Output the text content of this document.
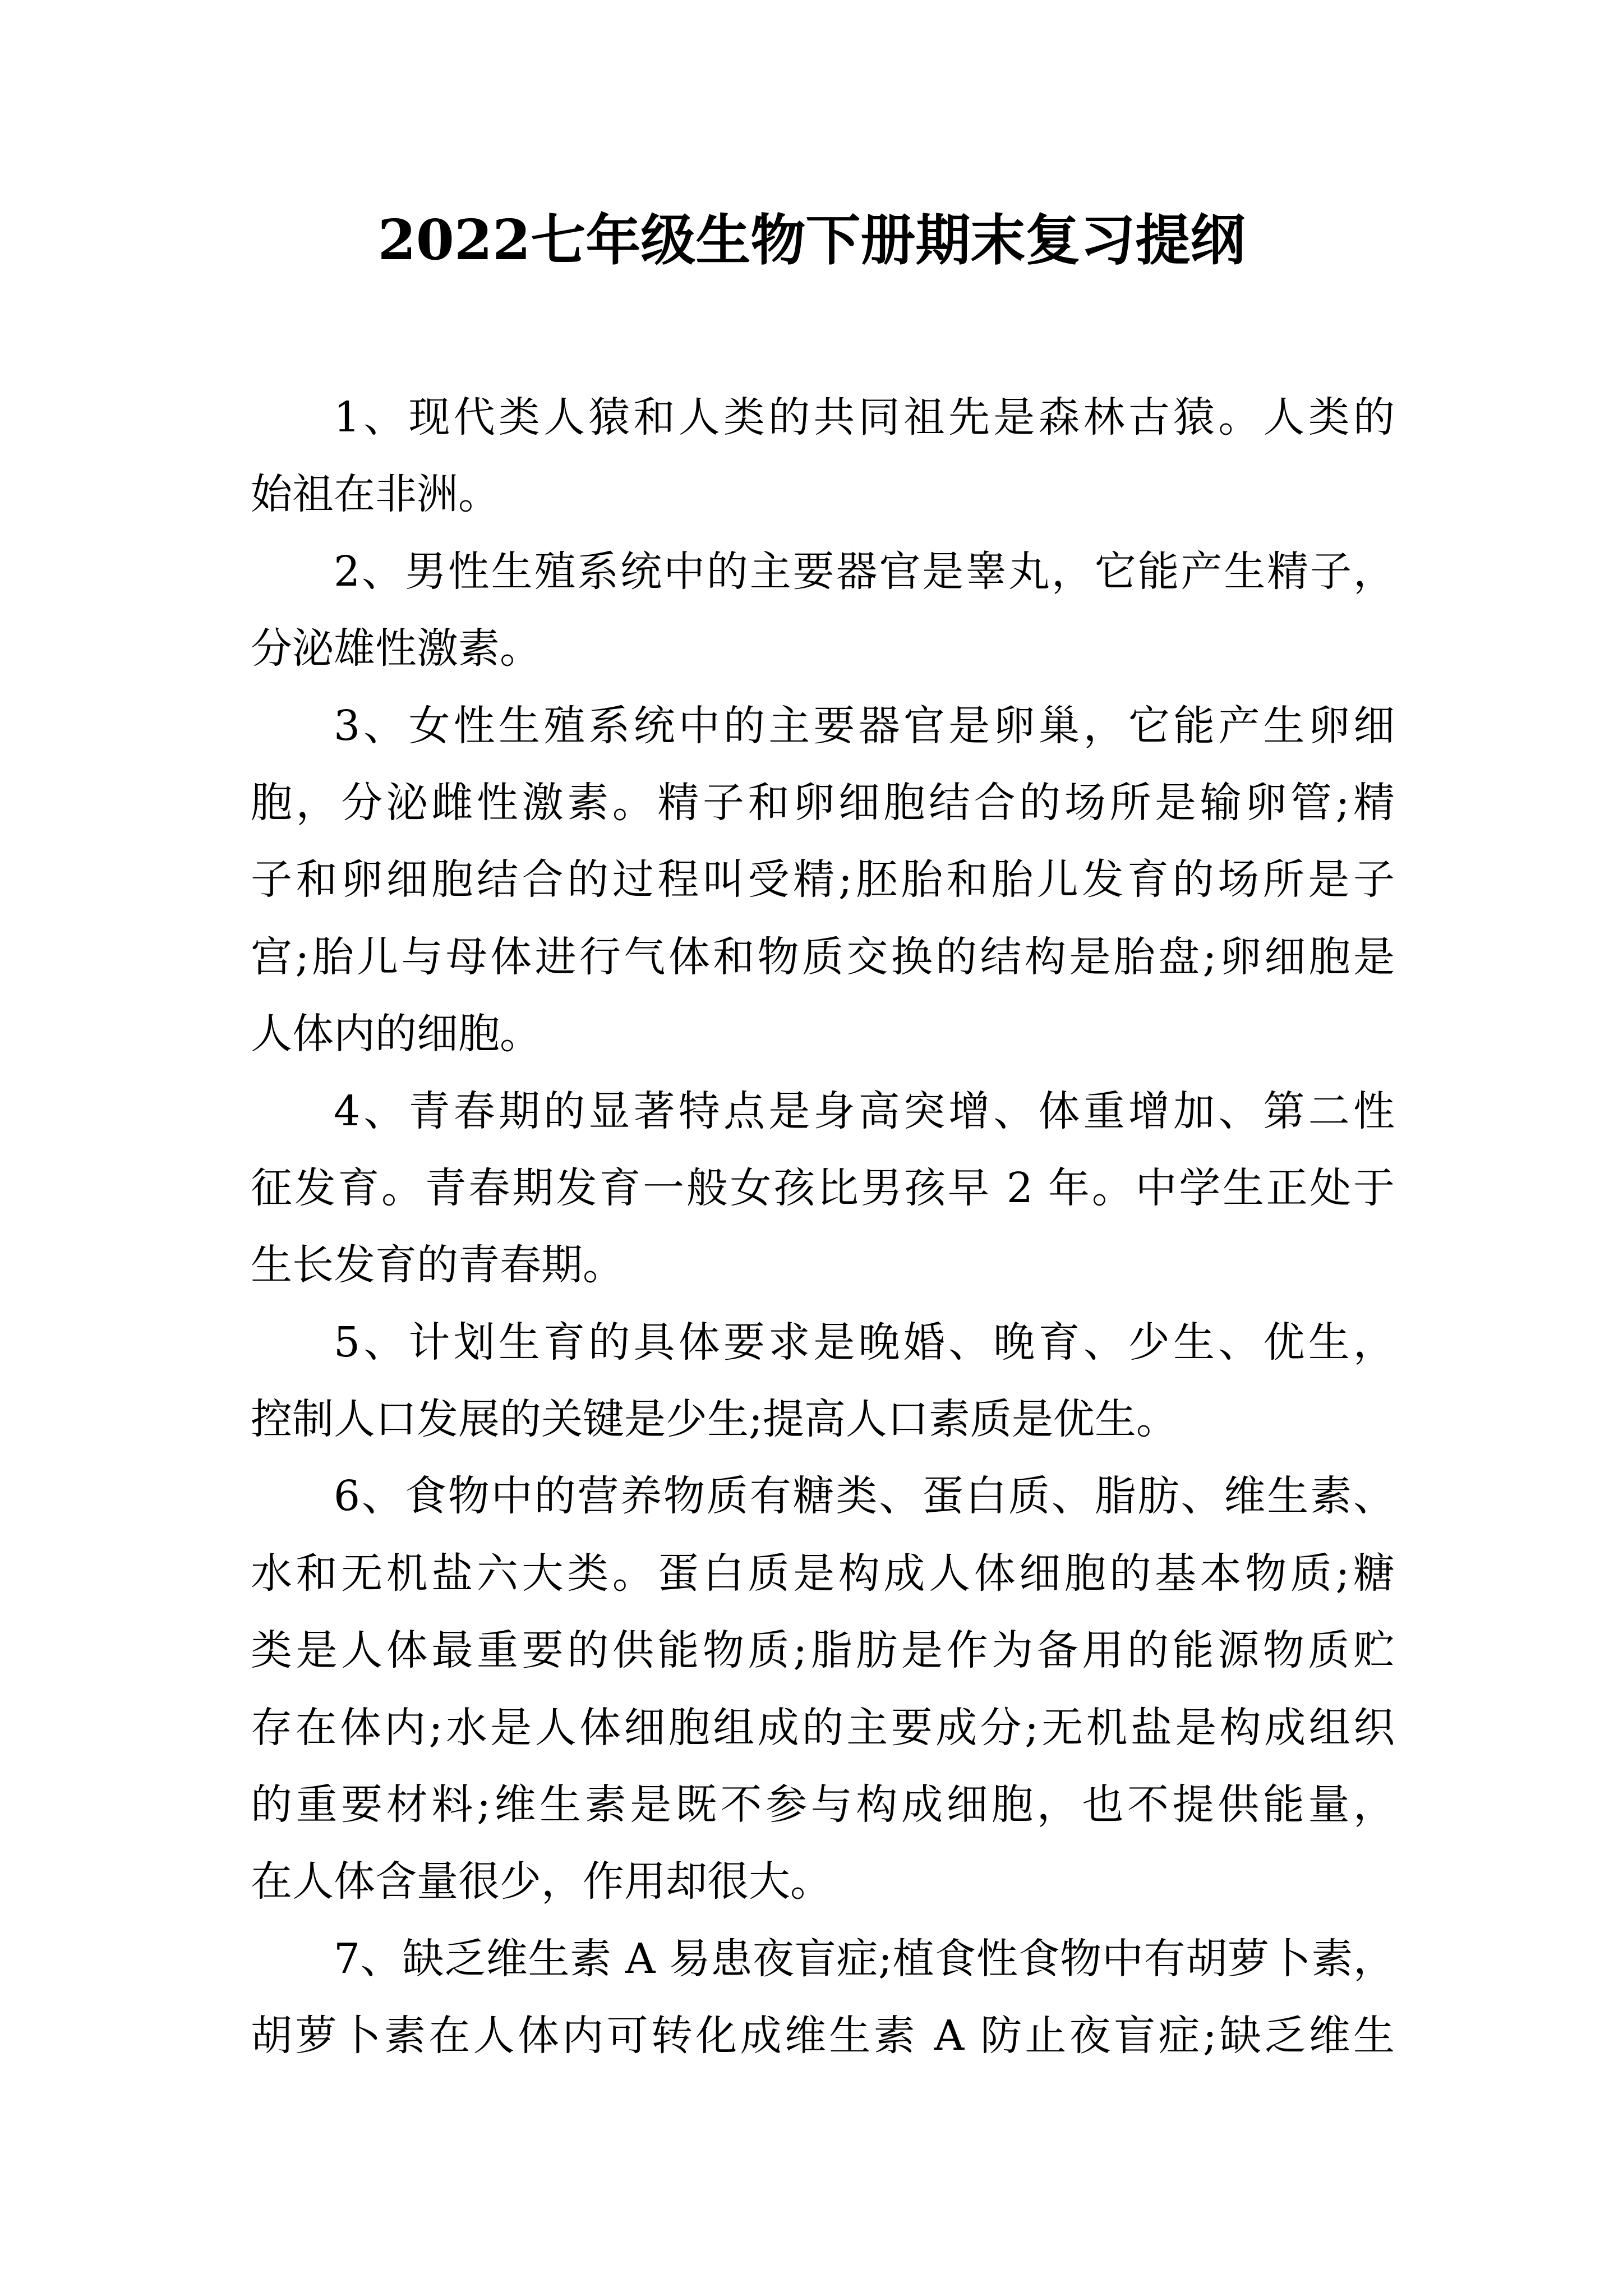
2022七年级生物下册期末复习提纲
1、现代类人猿和人类的共同祖先是森林古猿。人类的
始祖在非洲。
2、男性生殖系统中的主要器官是睾丸，它能产生精子，
分泌雄性激素。
3、女性生殖系统中的主要器官是卵巢，它能产生卵细
胞，分泌雌性激素。精子和卵细胞结合的场所是输卵管;精
子和卵细胞结合的过程叫受精;胚胎和胎儿发育的场所是子
宫;胎儿与母体进行气体和物质交换的结构是胎盘;卵细胞是
人体内的细胞。
4、青春期的显著特点是身高突增、体重增加、第二性
征发育。青春期发育一般女孩比男孩早 2 年。中学生正处于
生长发育的青春期。
5、计划生育的具体要求是晚婚、晚育、少生、优生，
控制人口发展的关键是少生;提高人口素质是优生。
6、食物中的营养物质有糖类、蛋白质、脂肪、维生素、
水和无机盐六大类。蛋白质是构成人体细胞的基本物质;糖
类是人体最重要的供能物质;脂肪是作为备用的能源物质贮
存在体内;水是人体细胞组成的主要成分;无机盐是构成组织
的重要材料;维生素是既不参与构成细胞，也不提供能量，
在人体含量很少，作用却很大。
7、缺乏维生素 A 易患夜盲症;植食性食物中有胡萝卜素，
胡萝卜素在人体内可转化成维生素 A 防止夜盲症;缺乏维生
